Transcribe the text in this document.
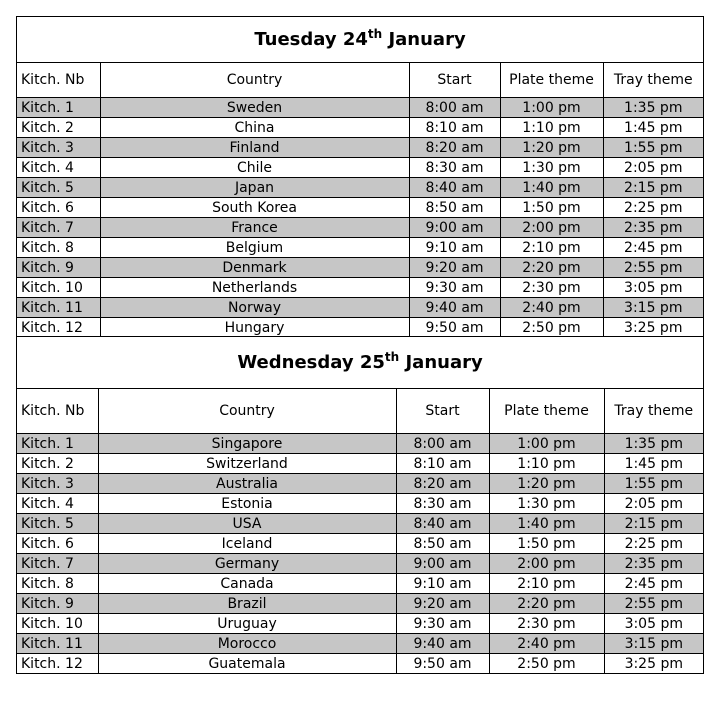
Tuesday 24th January				
Kitch. Nb	Country	Start	Plate theme	Tray theme
Kitch. 1	Sweden	8:00 am	1:00 pm	1:35 pm
Kitch. 2	China	8:10 am	1:10 pm	1:45 pm
Kitch. 3	Finland	8:20 am	1:20 pm	1:55 pm
Kitch. 4	Chile	8:30 am	1:30 pm	2:05 pm
Kitch. 5	Japan	8:40 am	1:40 pm	2:15 pm
Kitch. 6	South Korea	8:50 am	1:50 pm	2:25 pm
Kitch. 7	France	9:00 am	2:00 pm	2:35 pm
Kitch. 8	Belgium	9:10 am	2:10 pm	2:45 pm
Kitch. 9	Denmark	9:20 am	2:20 pm	2:55 pm
Kitch. 10	Netherlands	9:30 am	2:30 pm	3:05 pm
Kitch. 11	Norway	9:40 am	2:40 pm	3:15 pm
Kitch. 12	Hungary	9:50 am	2:50 pm	3:25 pm
Wednesday 25th January				
Kitch. Nb	Country	Start	Plate theme	Tray theme
Kitch. 1	Singapore	8:00 am	1:00 pm	1:35 pm
Kitch. 2	Switzerland	8:10 am	1:10 pm	1:45 pm
Kitch. 3	Australia	8:20 am	1:20 pm	1:55 pm
Kitch. 4	Estonia	8:30 am	1:30 pm	2:05 pm
Kitch. 5	USA	8:40 am	1:40 pm	2:15 pm
Kitch. 6	Iceland	8:50 am	1:50 pm	2:25 pm
Kitch. 7	Germany	9:00 am	2:00 pm	2:35 pm
Kitch. 8	Canada	9:10 am	2:10 pm	2:45 pm
Kitch. 9	Brazil	9:20 am	2:20 pm	2:55 pm
Kitch. 10	Uruguay	9:30 am	2:30 pm	3:05 pm
Kitch. 11	Morocco	9:40 am	2:40 pm	3:15 pm
Kitch. 12	Guatemala	9:50 am	2:50 pm	3:25 pm
